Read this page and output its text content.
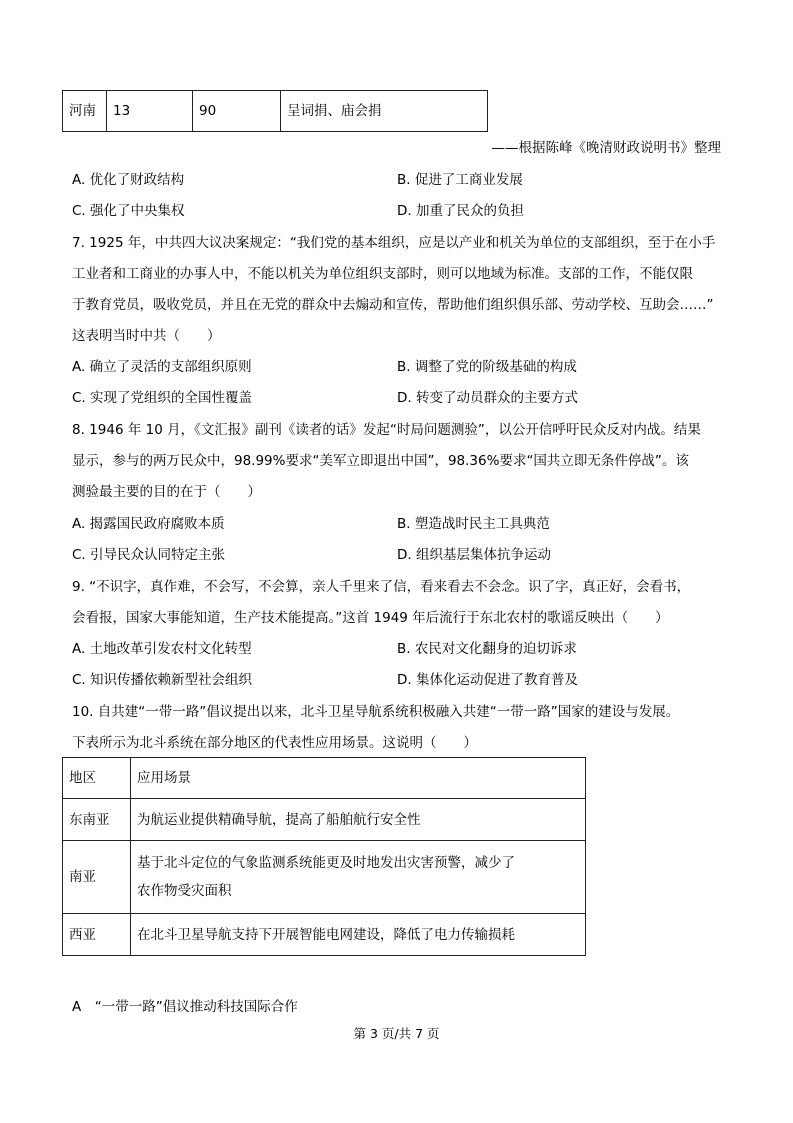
河南	13	90	呈词捐、庙会捐
——根据陈峰《晚清财政说明书》整理
A. 优化了财政结构	B. 促进了工商业发展
C. 强化了中央集权	D. 加重了民众的负担
7. 1925 年，中共四大议决案规定：“我们党的基本组织，应是以产业和机关为单位的支部组织，至于在小手
工业者和工商业的办事人中，不能以机关为单位组织支部时，则可以地域为标准。支部的工作，不能仅限
于教育党员，吸收党员，并且在无党的群众中去煽动和宣传，帮助他们组织俱乐部、劳动学校、互助会……”
这表明当时中共（　　）
A. 确立了灵活的支部组织原则	B. 调整了党的阶级基础的构成
C. 实现了党组织的全国性覆盖	D. 转变了动员群众的主要方式
8. 1946 年 10 月，《文汇报》副刊《读者的话》发起“时局问题测验”，以公开信呼吁民众反对内战。结果
显示，参与的两万民众中，98.99%要求“美军立即退出中国”，98.36%要求“国共立即无条件停战”。该
测验最主要的目的在于（　　）
A. 揭露国民政府腐败本质	B. 塑造战时民主工具典范
C. 引导民众认同特定主张	D. 组织基层集体抗争运动
9. “不识字，真作难，不会写，不会算，亲人千里来了信，看来看去不会念。识了字，真正好，会看书，
会看报，国家大事能知道，生产技术能提高。”这首 1949 年后流行于东北农村的歌谣反映出（　　）
A. 土地改革引发农村文化转型	B. 农民对文化翻身的迫切诉求
C. 知识传播依赖新型社会组织	D. 集体化运动促进了教育普及
10. 自共建“一带一路”倡议提出以来，北斗卫星导航系统积极融入共建“一带一路”国家的建设与发展。
下表所示为北斗系统在部分地区的代表性应用场景。这说明（　　）
地区	应用场景
东南亚	为航运业提供精确导航，提高了船舶航行安全性
南亚	基于北斗定位的气象监测系统能更及时地发出灾害预警，减少了农作物受灾面积
西亚	在北斗卫星导航支持下开展智能电网建设，降低了电力传输损耗
A　“一带一路”倡议推动科技国际合作
第 3 页/共 7 页
